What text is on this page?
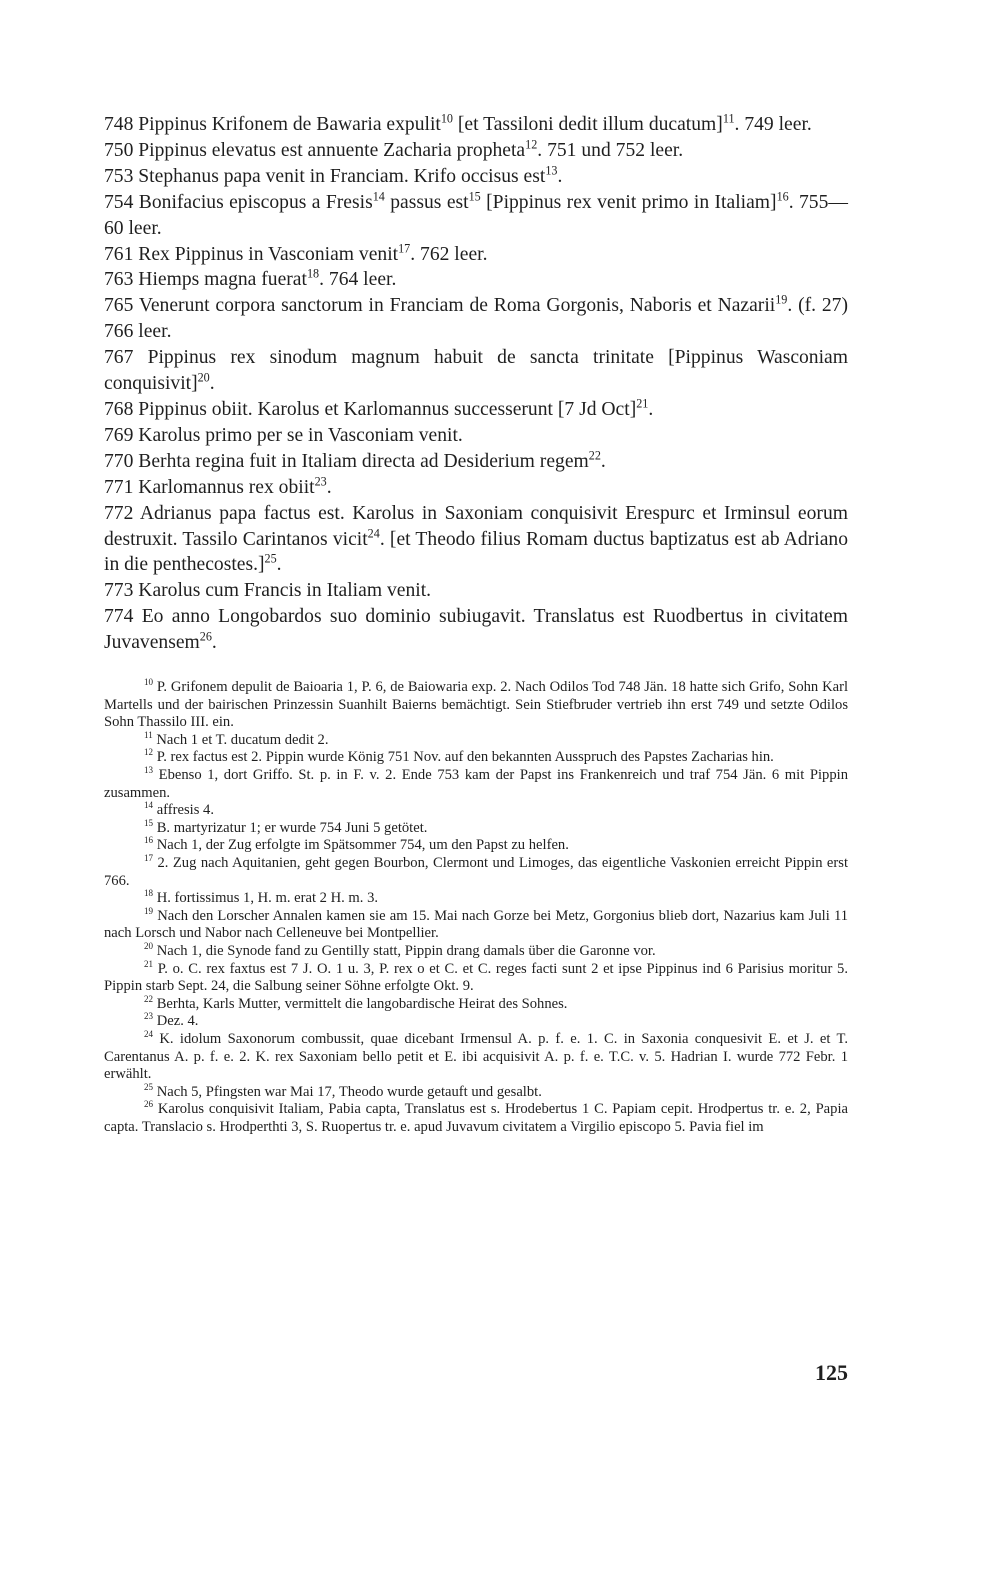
748 Pippinus Krifonem de Bawaria expulit$^{10}$ [et Tassiloni dedit illum ducatum]$^{11}$. 749 leer.

750 Pippinus elevatus est annuente Zacharia propheta$^{12}$. 751 und 752 leer.

753 Stephanus papa venit in Franciam. Krifo occisus est$^{13}$.

754 Bonifacius episcopus a Fresis$^{14}$ passus est$^{15}$ [Pippinus rex venit primo in Italiam]$^{16}$. 755—60 leer.

761 Rex Pippinus in Vasconiam venit$^{17}$. 762 leer.

763 Hiemps magna fuerat$^{18}$. 764 leer.

765 Venerunt corpora sanctorum in Franciam de Roma Gorgonis, Naboris et Nazarii$^{19}$. (f. 27) 766 leer.

767 Pippinus rex sinodum magnum habuit de sancta trinitate [Pippinus Wasconiam conquisivit]$^{20}$.

768 Pippinus obiit. Karolus et Karlomannus successerunt [7 Jd Oct]$^{21}$.

769 Karolus primo per se in Vasconiam venit.

770 Berhta regina fuit in Italiam directa ad Desiderium regem$^{22}$.

771 Karlomannus rex obiit$^{23}$.

772 Adrianus papa factus est. Karolus in Saxoniam conquisivit Erespurc et Irminsul eorum destruxit. Tassilo Carintanos vicit$^{24}$. [et Theodo filius Romam ductus baptizatus est ab Adriano in die penthecostes.]$^{25}$.

773 Karolus cum Francis in Italiam venit.

774 Eo anno Longobardos suo dominio subiugavit. Translatus est Ruodbertus in civitatem Juvavensem$^{26}$.

$^{10}$ P. Grifonem depulit de Baioaria 1, P. 6, de Baiowaria exp. 2. Nach Odilos Tod 748 Jän. 18 hatte sich Grifo, Sohn Karl Martells und der bairischen Prinzessin Suanhilt Baierns bemächtigt. Sein Stiefbruder vertrieb ihn erst 749 und setzte Odilos Sohn Thassilo III. ein.

$^{11}$ Nach 1 et T. ducatum dedit 2.

$^{12}$ P. rex factus est 2. Pippin wurde König 751 Nov. auf den bekannten Ausspruch des Papstes Zacharias hin.

$^{13}$ Ebenso 1, dort Griffo. St. p. in F. v. 2. Ende 753 kam der Papst ins Frankenreich und traf 754 Jän. 6 mit Pippin zusammen.

$^{14}$ affresis 4.

$^{15}$ B. martyrizatur 1; er wurde 754 Juni 5 getötet.

$^{16}$ Nach 1, der Zug erfolgte im Spätsommer 754, um den Papst zu helfen.

$^{17}$ 2. Zug nach Aquitanien, geht gegen Bourbon, Clermont und Limoges, das eigentliche Vaskonien erreicht Pippin erst 766.

$^{18}$ H. fortissimus 1, H. m. erat 2 H. m. 3.

$^{19}$ Nach den Lorscher Annalen kamen sie am 15. Mai nach Gorze bei Metz, Gorgonius blieb dort, Nazarius kam Juli 11 nach Lorsch und Nabor nach Celleneuve bei Montpellier.

$^{20}$ Nach 1, die Synode fand zu Gentilly statt, Pippin drang damals über die Garonne vor.

$^{21}$ P. o. C. rex faxtus est 7 J. O. 1 u. 3, P. rex o et C. et C. reges facti sunt 2 et ipse Pippinus ind 6 Parisius moritur 5. Pippin starb Sept. 24, die Salbung seiner Söhne erfolgte Okt. 9.

$^{22}$ Berhta, Karls Mutter, vermittelt die langobardische Heirat des Sohnes.

$^{23}$ Dez. 4.

$^{24}$ K. idolum Saxonorum combussit, quae dicebant Irmensul A. p. f. e. 1. C. in Saxonia conquesivit E. et J. et T. Carentanus A. p. f. e. 2. K. rex Saxoniam bello petit et E. ibi acquisivit A. p. f. e. T.C. v. 5. Hadrian I. wurde 772 Febr. 1 erwählt.

$^{25}$ Nach 5, Pfingsten war Mai 17, Theodo wurde getauft und gesalbt.

$^{26}$ Karolus conquisivit Italiam, Pabia capta, Translatus est s. Hrodebertus 1 C. Papiam cepit. Hrodpertus tr. e. 2, Papia capta. Translacio s. Hrodperthti 3, S. Ruopertus tr. e. apud Juvavum civitatem a Virgilio episcopo 5. Pavia fiel im

125
